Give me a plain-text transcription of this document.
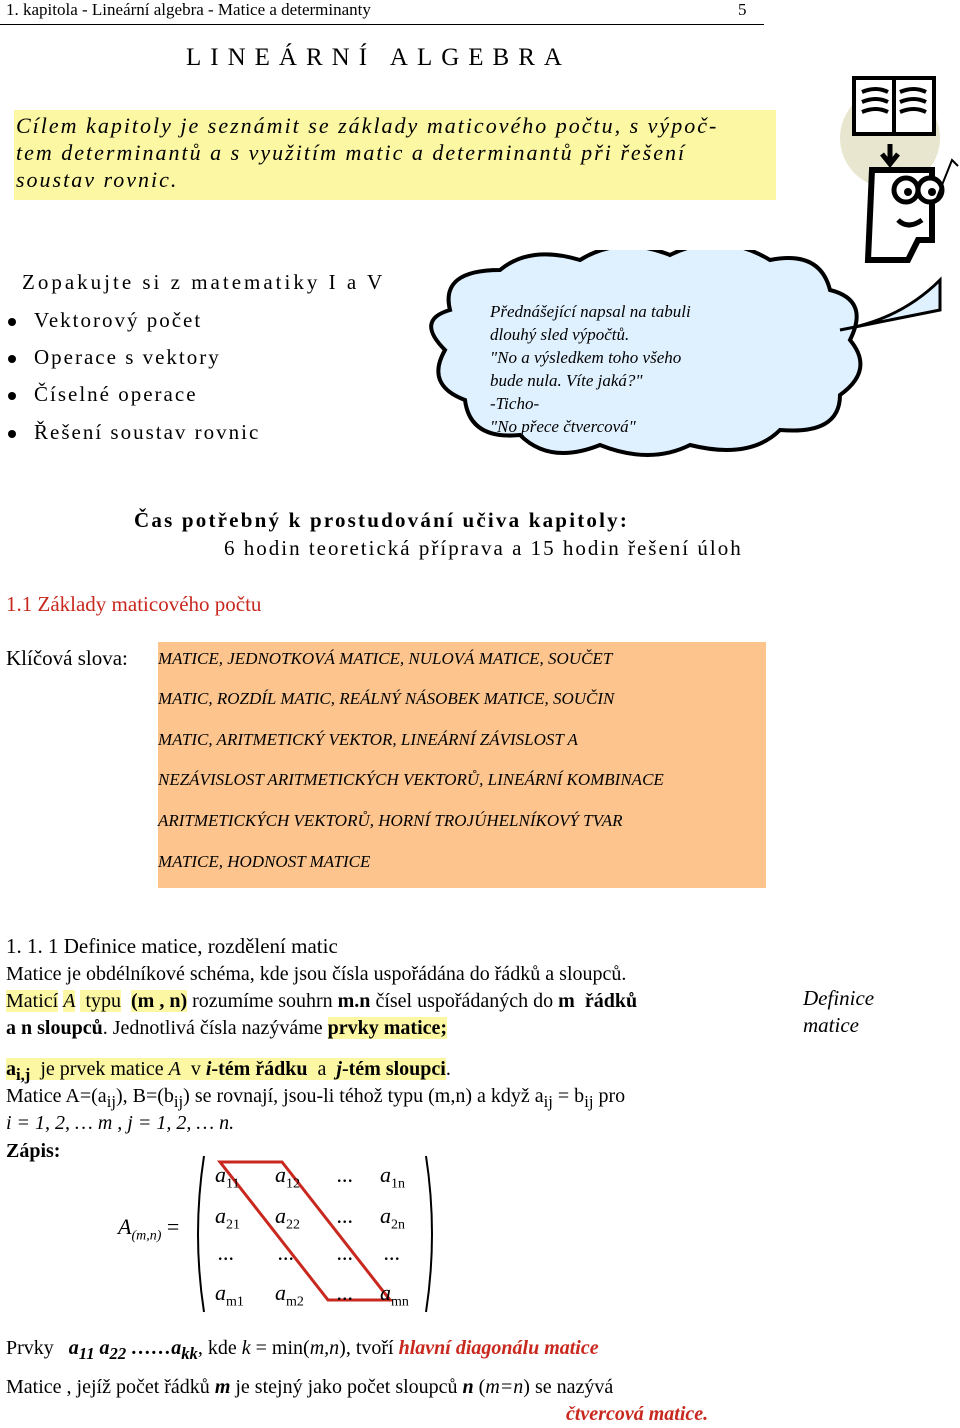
1. kapitola - Lineární algebra - Matice a determinanty	5
LINEÁRNÍ ALGEBRA
Cílem kapitoly je seznámit se základy maticového počtu, s výpoč-
tem determinantů a s využitím matic a determinantů při řešení
soustav rovnic.
Zopakujte si z matematiky I a V
Vektorový počet
Operace s vektory
Číselné operace
Řešení soustav rovnic
Přednášející napsal na tabuli
dlouhý sled výpočtů.
"No a výsledkem toho všeho
bude nula. Víte jaká?"
-Ticho-
"No přece čtvercová"
Čas potřebný k prostudování učiva kapitoly:
6 hodin teoretická příprava a 15 hodin řešení úloh
1.1 Základy maticového počtu
Klíčová slova: MATICE, JEDNOTKOVÁ MATICE, NULOVÁ MATICE, SOUČET
MATIC, ROZDÍL MATIC, REÁLNÝ NÁSOBEK MATICE, SOUČIN
MATIC, ARITMETICKÝ VEKTOR, LINEÁRNÍ ZÁVISLOST A
NEZÁVISLOST ARITMETICKÝCH VEKTORŮ, LINEÁRNÍ KOMBINACE
ARITMETICKÝCH VEKTORŮ, HORNÍ TROJÚHELNÍKOVÝ TVAR
MATICE, HODNOST MATICE
1. 1. 1 Definice matice, rozdělení matic
Matice je obdélníkové schéma, kde jsou čísla uspořádána do řádků a sloupců.
Maticí A typu (m , n) rozumíme souhrn m.n čísel uspořádaných do m řádků
a n sloupců. Jednotlivá čísla nazýváme prvky matice;
Definice
matice
$a_{i,j}$ je prvek matice A v i-tém řádku a j-tém sloupci.
Matice $A=(a_{ij})$, $B=(b_{ij})$ se rovnají, jsou-li téhož typu (m,n) a když $a_{ij} = b_{ij}$ pro
i = 1, 2, … m , j = 1, 2, … n.
Zápis:
$A_{(m,n)}$ =
$a_{11}$ $a_{12}$ ... $a_{1n}$
$a_{21}$ $a_{22}$ ... $a_{2n}$
... ... ... ...
$a_{m1}$ $a_{m2}$ ... $a_{mn}$
Prvky $a_{11}$ $a_{22}$ $\dots\dots a_{kk}$, kde k = min(m,n), tvoří hlavní diagonálu matice
Matice , jejíž počet řádků m je stejný jako počet sloupců n (m=n) se nazývá
čtvercová matice.
